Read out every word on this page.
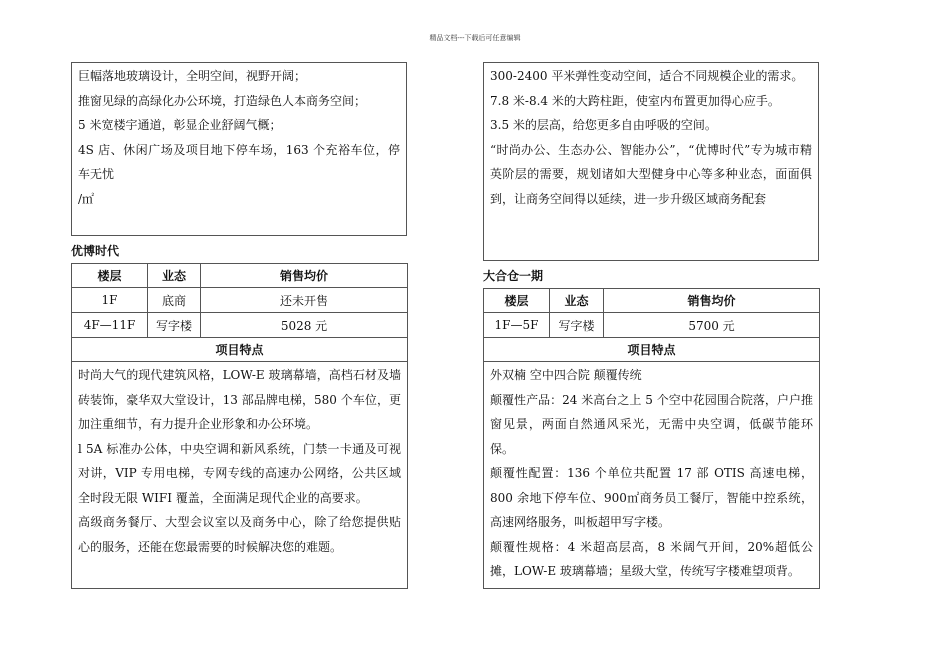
精品文档---下载后可任意编辑

巨幅落地玻璃设计，全明空间，视野开阔；

推窗见绿的高绿化办公环境，打造绿色人本商务空间；

5 米宽楼宇通道，彰显企业舒阔气概；

4S 店、休闲广场及项目地下停车场，163 个充裕车位，停车无忧

/㎡

优博时代
楼层	业态	销售均价
1F	底商	还未开售
4F—11F	写字楼	5028 元
项目特点		

时尚大气的现代建筑风格，LOW-E 玻璃幕墙，高档石材及墙砖装饰，豪华双大堂设计，13 部品牌电梯，580 个车位，更加注重细节，有力提升企业形象和办公环境。

l 5A 标准办公体，中央空调和新风系统，门禁一卡通及可视对讲，VIP 专用电梯，专网专线的高速办公网络，公共区域全时段无限 WIFI 覆盖，全面满足现代企业的高要求。

高级商务餐厅、大型会议室以及商务中心，除了给您提供贴心的服务，还能在您最需要的时候解决您的难题。		

300-2400 平米弹性变动空间，适合不同规模企业的需求。

7.8 米-8.4 米的大跨柱距，使室内布置更加得心应手。

3.5 米的层高，给您更多自由呼吸的空间。

“时尚办公、生态办公、智能办公”，“优博时代”专为城市精英阶层的需要，规划诸如大型健身中心等多种业态，面面俱到，让商务空间得以延续，进一步升级区域商务配套

大合仓一期
楼层	业态	销售均价
1F—5F	写字楼	5700 元
项目特点		

外双楠 空中四合院 颠覆传统

颠覆性产品：24 米高台之上 5 个空中花园围合院落，户户推窗见景，两面自然通风采光，无需中央空调，低碳节能环保。

颠覆性配置：136 个单位共配置 17 部 OTIS 高速电梯，800 余地下停车位、900㎡商务员工餐厅，智能中控系统，高速网络服务，叫板超甲写字楼。

颠覆性规格：4 米超高层高，8 米阔气开间，20%超低公摊，LOW-E 玻璃幕墙；星级大堂，传统写字楼难望项背。		
